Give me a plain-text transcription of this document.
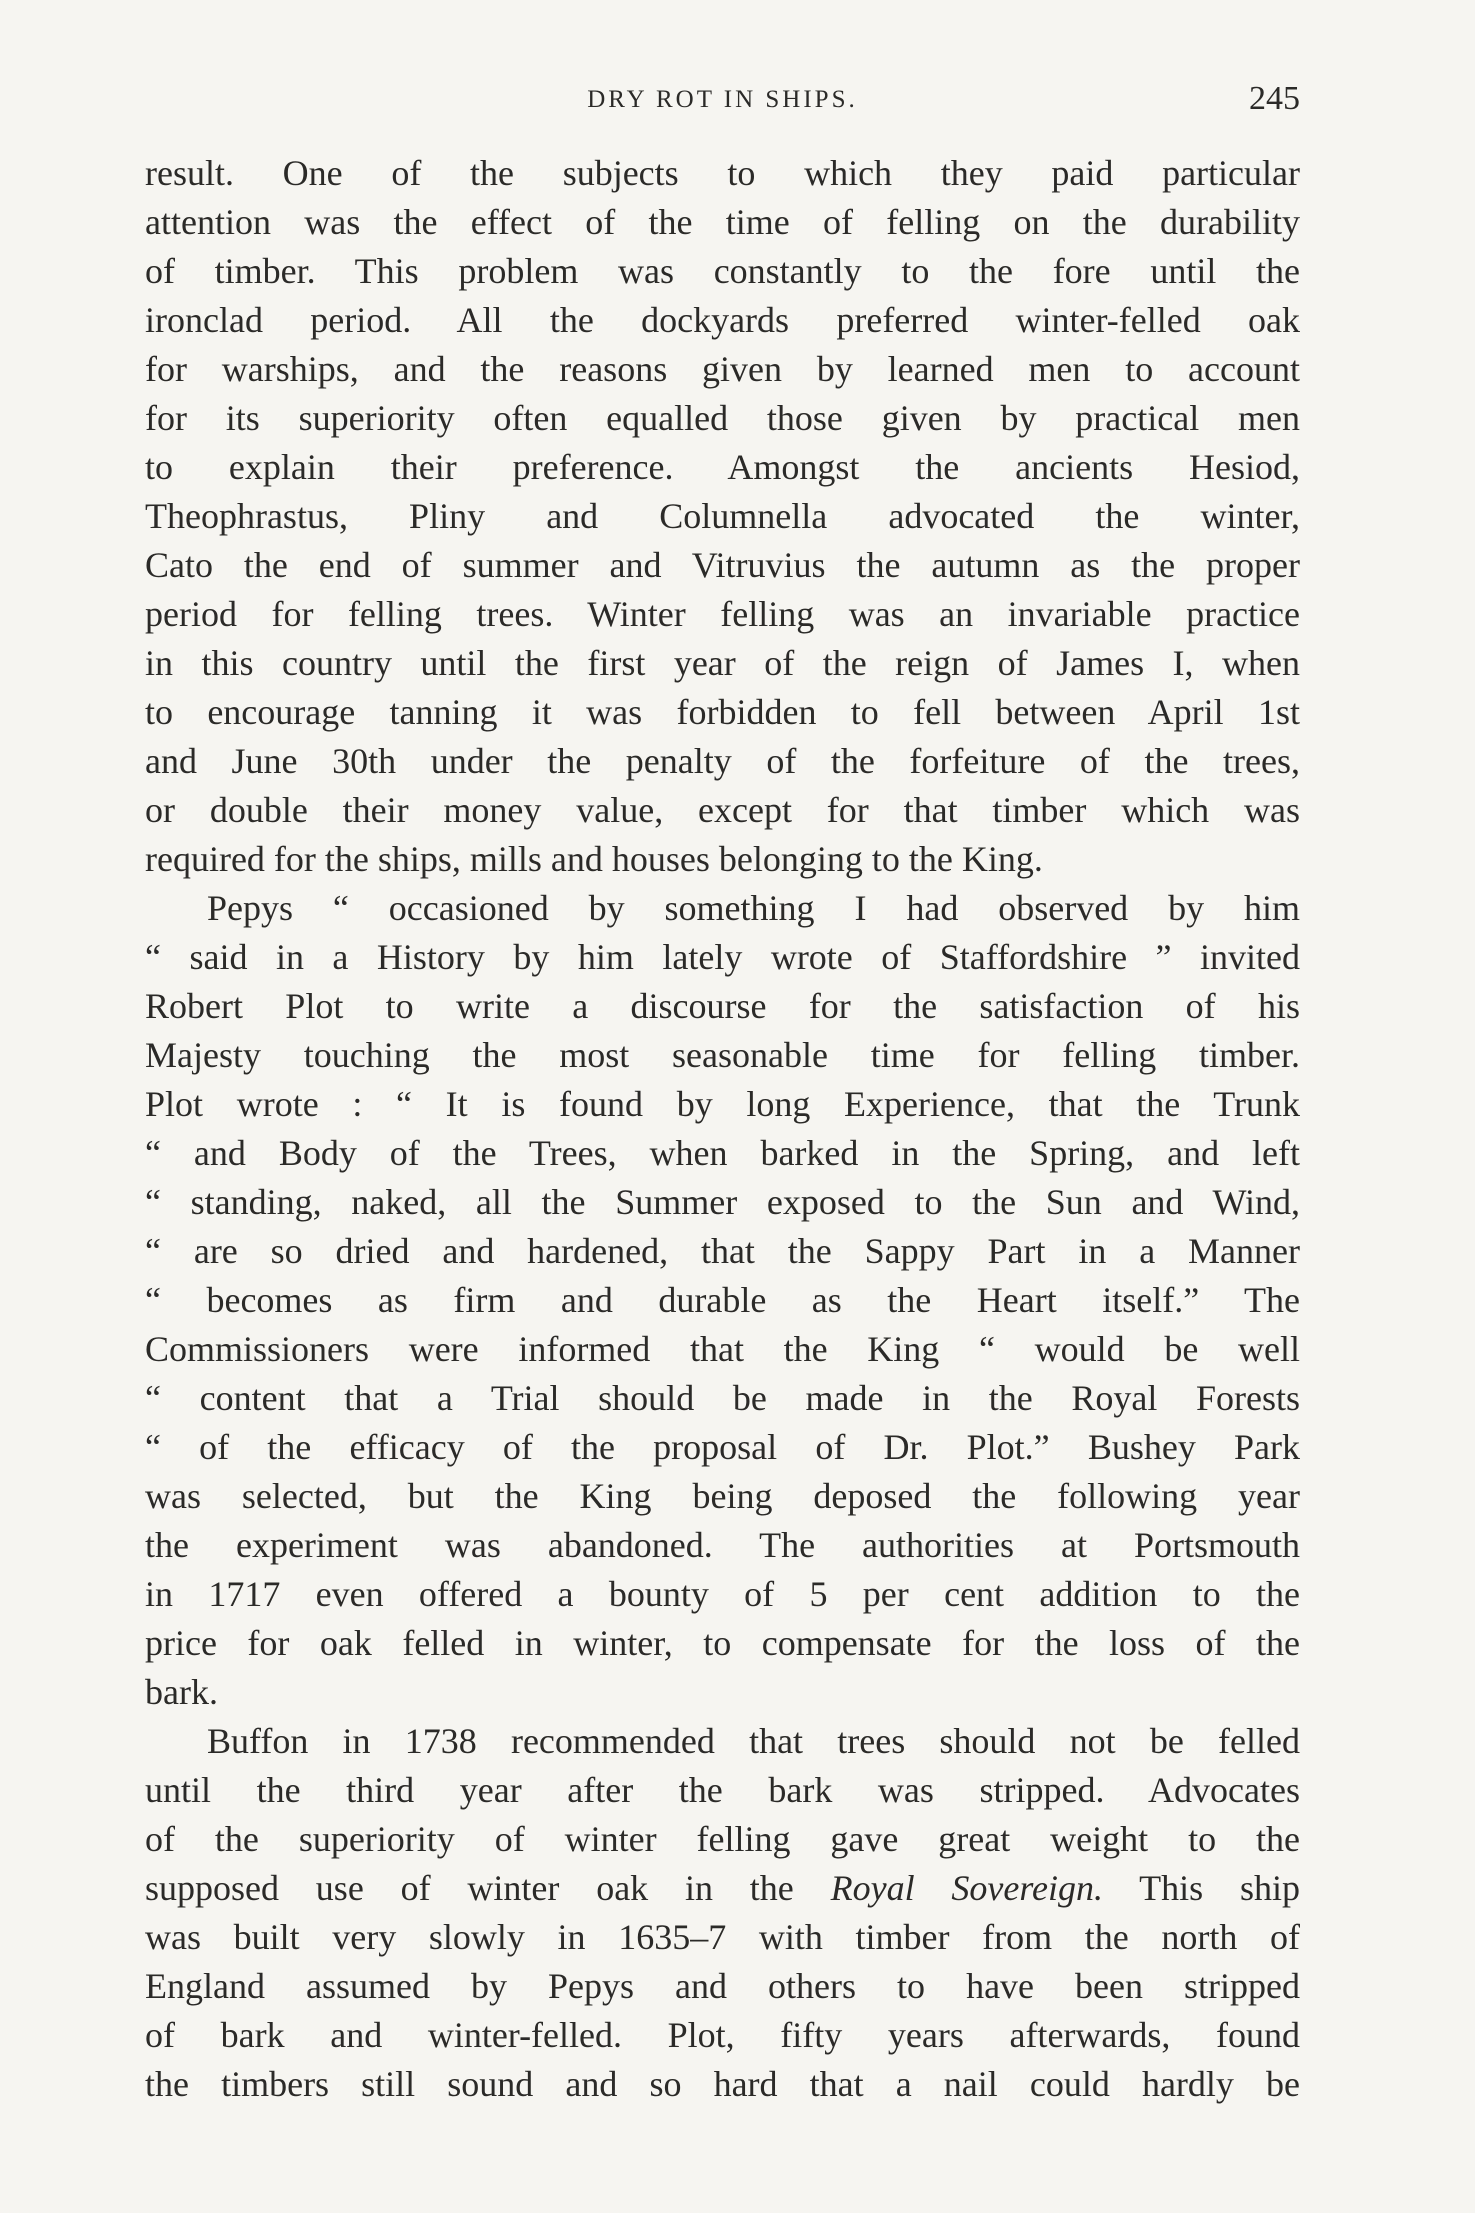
DRY ROT IN SHIPS.	245
result. One of the subjects to which they paid particular
attention was the effect of the time of felling on the durability
of timber. This problem was constantly to the fore until the
ironclad period. All the dockyards preferred winter-felled oak
for warships, and the reasons given by learned men to account
for its superiority often equalled those given by practical men
to explain their preference. Amongst the ancients Hesiod,
Theophrastus, Pliny and Columnella advocated the winter,
Cato the end of summer and Vitruvius the autumn as the proper
period for felling trees. Winter felling was an invariable practice
in this country until the first year of the reign of James I, when
to encourage tanning it was forbidden to fell between April 1st
and June 30th under the penalty of the forfeiture of the trees,
or double their money value, except for that timber which was
required for the ships, mills and houses belonging to the King.
Pepys “ occasioned by something I had observed by him
“ said in a History by him lately wrote of Staffordshire ” invited
Robert Plot to write a discourse for the satisfaction of his
Majesty touching the most seasonable time for felling timber.
Plot wrote : “ It is found by long Experience, that the Trunk
“ and Body of the Trees, when barked in the Spring, and left
“ standing, naked, all the Summer exposed to the Sun and Wind,
“ are so dried and hardened, that the Sappy Part in a Manner
“ becomes as firm and durable as the Heart itself.” The
Commissioners were informed that the King “ would be well
“ content that a Trial should be made in the Royal Forests
“ of the efficacy of the proposal of Dr. Plot.” Bushey Park
was selected, but the King being deposed the following year
the experiment was abandoned. The authorities at Portsmouth
in 1717 even offered a bounty of 5 per cent addition to the
price for oak felled in winter, to compensate for the loss of the
bark.
Buffon in 1738 recommended that trees should not be felled
until the third year after the bark was stripped. Advocates
of the superiority of winter felling gave great weight to the
supposed use of winter oak in the Royal Sovereign. This ship
was built very slowly in 1635–7 with timber from the north of
England assumed by Pepys and others to have been stripped
of bark and winter-felled. Plot, fifty years afterwards, found
the timbers still sound and so hard that a nail could hardly be
